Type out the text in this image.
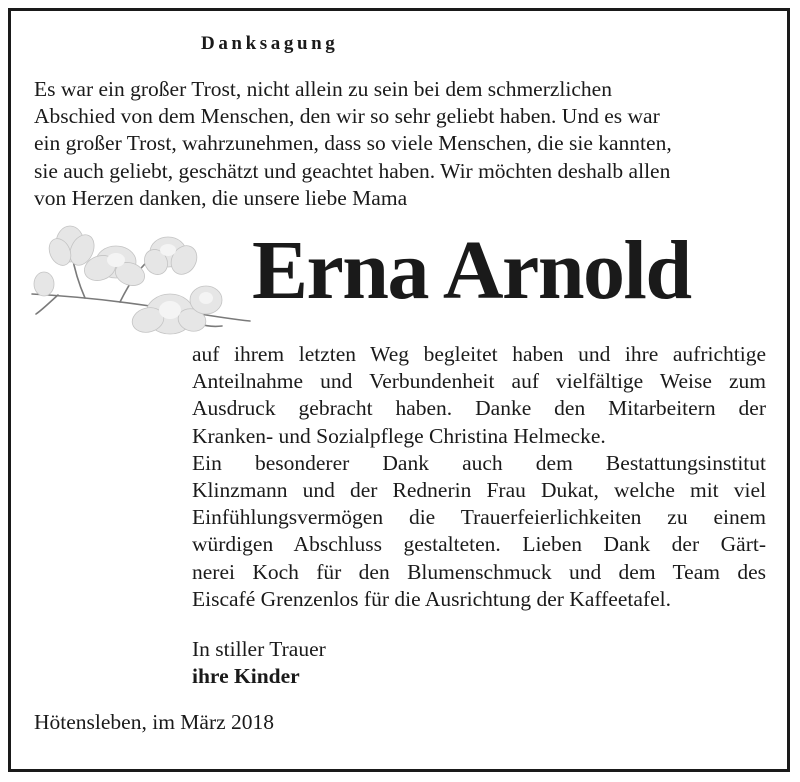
Danksagung

Es war ein großer Trost, nicht allein zu sein bei dem schmerzlichen

Abschied von dem Menschen, den wir so sehr geliebt haben. Und es war

ein großer Trost, wahrzunehmen, dass so viele Menschen, die sie kannten,

sie auch geliebt, geschätzt und geachtet haben. Wir möchten deshalb allen

von Herzen danken, die unsere liebe Mama

Erna Arnold

auf ihrem letzten Weg begleitet haben und ihre aufrichtige

Anteilnahme und Verbundenheit auf vielfältige Weise zum

Ausdruck gebracht haben. Danke den Mitarbeitern der

Kranken- und Sozialpflege Christina Helmecke.

Ein besonderer Dank auch dem Bestattungsinstitut

Klinzmann und der Rednerin Frau Dukat, welche mit viel

Einfühlungsvermögen die Trauerfeierlichkeiten zu einem

würdigen Abschluss gestalteten. Lieben Dank der Gärt-

nerei Koch für den Blumenschmuck und dem Team des

Eiscafé Grenzenlos für die Ausrichtung der Kaffeetafel.

In stiller Trauer
ihre Kinder
Hötensleben, im März 2018
